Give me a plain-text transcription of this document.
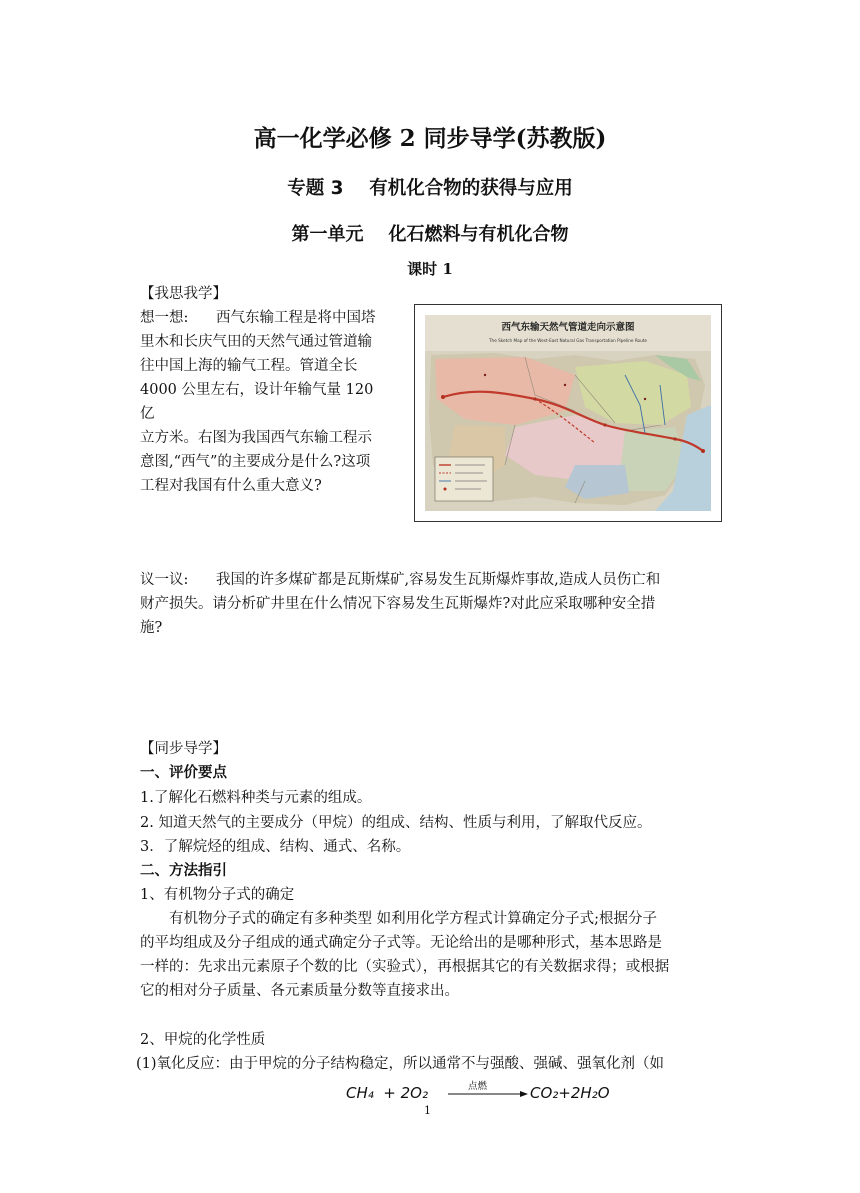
高一化学必修 2 同步导学(苏教版)
专题 3    有机化合物的获得与应用
第一单元    化石燃料与有机化合物
课时 1
【我思我学】

想一想:      西气东输工程是将中国塔

里木和长庆气田的天然气通过管道输

往中国上海的输气工程。管道全长

4000 公里左右，设计年输气量 120 亿

立方米。右图为我国西气东输工程示

意图,“西气”的主要成分是什么?这项

工程对我国有什么重大意义?

西气东输天然气管道走向示意图
The Sketch Map of the West-East Natural Gas Transportation Pipeline Route
议一议:      我国的许多煤矿都是瓦斯煤矿,容易发生瓦斯爆炸事故,造成人员伤亡和
财产损失。请分析矿井里在什么情况下容易发生瓦斯爆炸?对此应采取哪种安全措
施?
【同步导学】
一、评价要点
1.了解化石燃料种类与元素的组成。
2. 知道天然气的主要成分（甲烷）的组成、结构、性质与利用，了解取代反应。
3．了解烷烃的组成、结构、通式、名称。
二、方法指引
1、有机物分子式的确定
有机物分子式的确定有多种类型 如利用化学方程式计算确定分子式;根据分子
的平均组成及分子组成的通式确定分子式等。无论给出的是哪种形式，基本思路是
一样的：先求出元素原子个数的比（实验式），再根据其它的有关数据求得；或根据
它的相对分子质量、各元素质量分数等直接求出。
2、甲烷的化学性质
(1)氧化反应：由于甲烷的分子结构稳定，所以通常不与强酸、强碱、强氧化剂（如
CH₄  + 2O₂	点燃	CO₂+2H₂O
1
